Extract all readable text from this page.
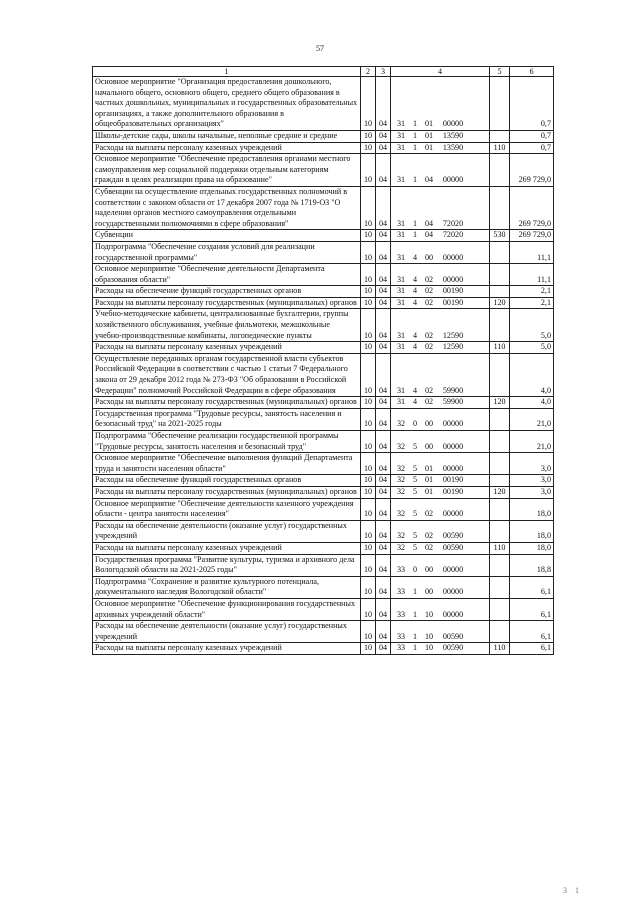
57
1	2	3	4	5	6
Основное мероприятие "Организация предоставления дошкольного, начального общего, основного общего, среднего общего образования в частных дошкольных, муниципальных и государственных образовательных организациях, а также дополнительного образования в общеобразовательных организациях"	10	04	31 1 01 00000		0,7
Школы-детские сады, школы начальные, неполные средние и средние	10	04	31 1 01 13590		0,7
Расходы на выплаты персоналу казенных учреждений	10	04	31 1 01 13590	110	0,7
Основное мероприятие "Обеспечение предоставления органами местного самоуправления мер социальной поддержки отдельным категориям граждан в целях реализации права на образование"	10	04	31 1 04 00000		269 729,0
Субвенции на осуществление отдельных государственных полномочий в соответствии с законом области от 17 декабря 2007 года № 1719-ОЗ "О наделении органов местного самоуправления отдельными государственными полномочиями в сфере образования"	10	04	31 1 04 72020		269 729,0
Субвенции	10	04	31 1 04 72020	530	269 729,0
Подпрограмма "Обеспечение создания условий для реализации государственной программы"	10	04	31 4 00 00000		11,1
Основное мероприятие "Обеспечение деятельности Департамента образования области"	10	04	31 4 02 00000		11,1
Расходы на обеспечение функций государственных органов	10	04	31 4 02 00190		2,1
Расходы на выплаты персоналу государственных (муниципальных) органов	10	04	31 4 02 00190	120	2,1
Учебно-методические кабинеты, централизованные бухгалтерии, группы хозяйственного обслуживания, учебные фильмотеки, межшкольные учебно-производственные комбинаты, логопедические пункты	10	04	31 4 02 12590		5,0
Расходы на выплаты персоналу казенных учреждений	10	04	31 4 02 12590	110	5,0
Осуществление переданных органам государственной власти субъектов Российской Федерации в соответствии с частью 1 статьи 7 Федерального закона от 29 декабря 2012 года № 273-ФЗ "Об образовании в Российской Федерации" полномочий Российской Федерации в сфере образования	10	04	31 4 02 59900		4,0
Расходы на выплаты персоналу государственных (муниципальных) органов	10	04	31 4 02 59900	120	4,0
Государственная программа "Трудовые ресурсы, занятость населения и безопасный труд" на 2021-2025 годы	10	04	32 0 00 00000		21,0
Подпрограмма "Обеспечение реализации государственной программы "Трудовые ресурсы, занятость населения и безопасный труд"	10	04	32 5 00 00000		21,0
Основное мероприятие "Обеспечение выполнения функций Департамента труда и занятости населения области"	10	04	32 5 01 00000		3,0
Расходы на обеспечение функций государственных органов	10	04	32 5 01 00190		3,0
Расходы на выплаты персоналу государственных (муниципальных) органов	10	04	32 5 01 00190	120	3,0
Основное мероприятие "Обеспечение деятельности казенного учреждения области - центра занятости населения"	10	04	32 5 02 00000		18,0
Расходы на обеспечение деятельности (оказание услуг) государственных учреждений	10	04	32 5 02 00590		18,0
Расходы на выплаты персоналу казенных учреждений	10	04	32 5 02 00590	110	18,0
Государственная программа "Развитие культуры, туризма и архивного дела Вологодской области на 2021-2025 годы"	10	04	33 0 00 00000		18,8
Подпрограмма "Сохранение и развитие культурного потенциала, документального наследия Вологодской области"	10	04	33 1 00 00000		6,1
Основное мероприятие "Обеспечение функционирования государственных архивных учреждений области"	10	04	33 1 10 00000		6,1
Расходы на обеспечение деятельности (оказание услуг) государственных учреждений	10	04	33 1 10 00590		6,1
Расходы на выплаты персоналу казенных учреждений	10	04	33 1 10 00590	110	6,1
3 1
